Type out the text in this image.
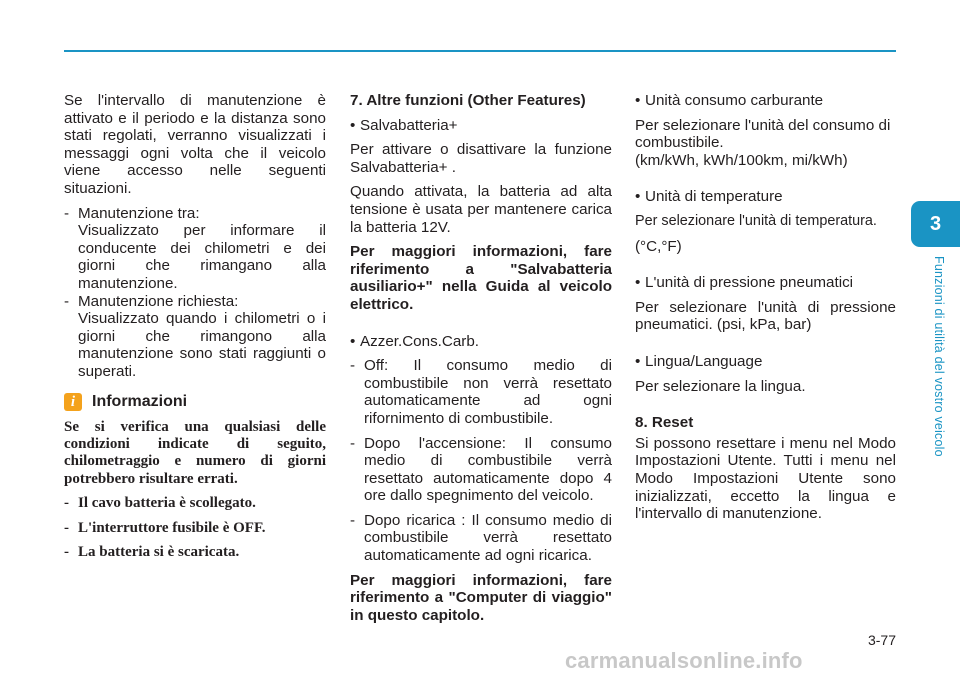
Se l'intervallo di manutenzione è attivato e il periodo e la distanza sono stati regolati, verranno visualizzati i messaggi ogni volta che il veicolo viene accesso nelle seguenti situazioni.

- Manutenzione tra:

Visualizzato per informare il conducente dei chilometri e dei giorni che rimangano alla manutenzione.

- Manutenzione richiesta:

Visualizzato quando i chilometri o i giorni che rimangono alla manutenzione sono stati raggiunti o superati.

i	Informazioni

Se si verifica una qualsiasi delle condizioni indicate di seguito, chilometraggio e numero di giorni potrebbero risultare errati.

- Il cavo batteria è scollegato.

- L'interruttore fusibile è OFF.

- La batteria si è scaricata.

7. Altre funzioni (Other Features)

• Salvabatteria+

Per attivare o disattivare la funzione Salvabatteria+ .

Quando attivata, la batteria ad alta tensione è usata per mantenere carica la batteria 12V.

Per maggiori informazioni, fare riferimento a "Salvabatteria ausiliario+" nella Guida al veicolo elettrico.

• Azzer.Cons.Carb.

- Off: Il consumo medio di combustibile non verrà resettato automaticamente ad ogni rifornimento di combustibile.

- Dopo l'accensione: Il consumo medio di combustibile verrà resettato automaticamente dopo 4 ore dallo spegnimento del veicolo.

- Dopo ricarica : Il consumo medio di combustibile verrà resettato automaticamente ad ogni ricarica.

Per maggiori informazioni, fare riferimento a "Computer di viaggio" in questo capitolo.

• Unità consumo carburante

Per selezionare l'unità del consumo di combustibile.

(km/kWh, kWh/100km, mi/kWh)

• Unità di temperature

Per selezionare l'unità di temperatura.

(°C,°F)

• L'unità di pressione pneumatici

Per selezionare l'unità di pressione pneumatici. (psi, kPa, bar)

• Lingua/Language

Per selezionare la lingua.

8. Reset

Si possono resettare i menu nel Modo Impostazioni Utente. Tutti i menu nel Modo Impostazioni Utente sono inizializzati, eccetto la lingua e l'intervallo di manutenzione.

3
Funzioni di utilità del vostro veicolo
3-77
carmanualsonline.info
